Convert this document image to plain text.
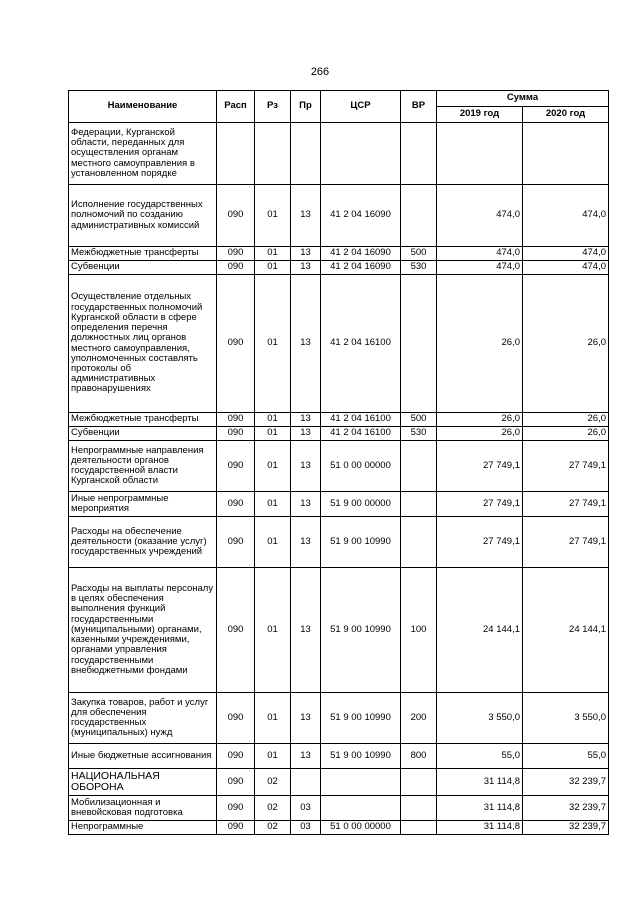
266
Наименование	Расп	Рз	Пр	ЦСР	ВР	Сумма	
						2019 год	2020 год
Федерации, Курганской области, переданных для осуществления органам местного самоуправления в установленном порядке							
Исполнение государственных полномочий по созданию административных комиссий	090	01	13	41 2 04 16090		474,0	474,0
Межбюджетные трансферты	090	01	13	41 2 04 16090	500	474,0	474,0
Субвенции	090	01	13	41 2 04 16090	530	474,0	474,0
Осуществление отдельных государственных полномочий Курганской области в сфере определения перечня должностных лиц органов местного самоуправления, уполномоченных составлять протоколы об административных правонарушениях	090	01	13	41 2 04 16100		26,0	26,0
Межбюджетные трансферты	090	01	13	41 2 04 16100	500	26,0	26,0
Субвенции	090	01	13	41 2 04 16100	530	26,0	26,0
Непрограммные направления деятельности органов государственной власти Курганской области	090	01	13	51 0 00 00000		27 749,1	27 749,1
Иные непрограммные мероприятия	090	01	13	51 9 00 00000		27 749,1	27 749,1
Расходы на обеспечение деятельности (оказание услуг) государственных учреждений	090	01	13	51 9 00 10990		27 749,1	27 749,1
Расходы на выплаты персоналу в целях обеспечения выполнения функций государственными (муниципальными) органами, казенными учреждениями, органами управления государственными внебюджетными фондами	090	01	13	51 9 00 10990	100	24 144,1	24 144,1
Закупка товаров, работ и услуг для обеспечения государственных (муниципальных) нужд	090	01	13	51 9 00 10990	200	3 550,0	3 550,0
Иные бюджетные ассигнования	090	01	13	51 9 00 10990	800	55,0	55,0
НАЦИОНАЛЬНАЯ ОБОРОНА	090	02				31 114,8	32 239,7
Мобилизационная и вневойсковая подготовка	090	02	03			31 114,8	32 239,7
Непрограммные	090	02	03	51 0 00 00000		31 114,8	32 239,7
